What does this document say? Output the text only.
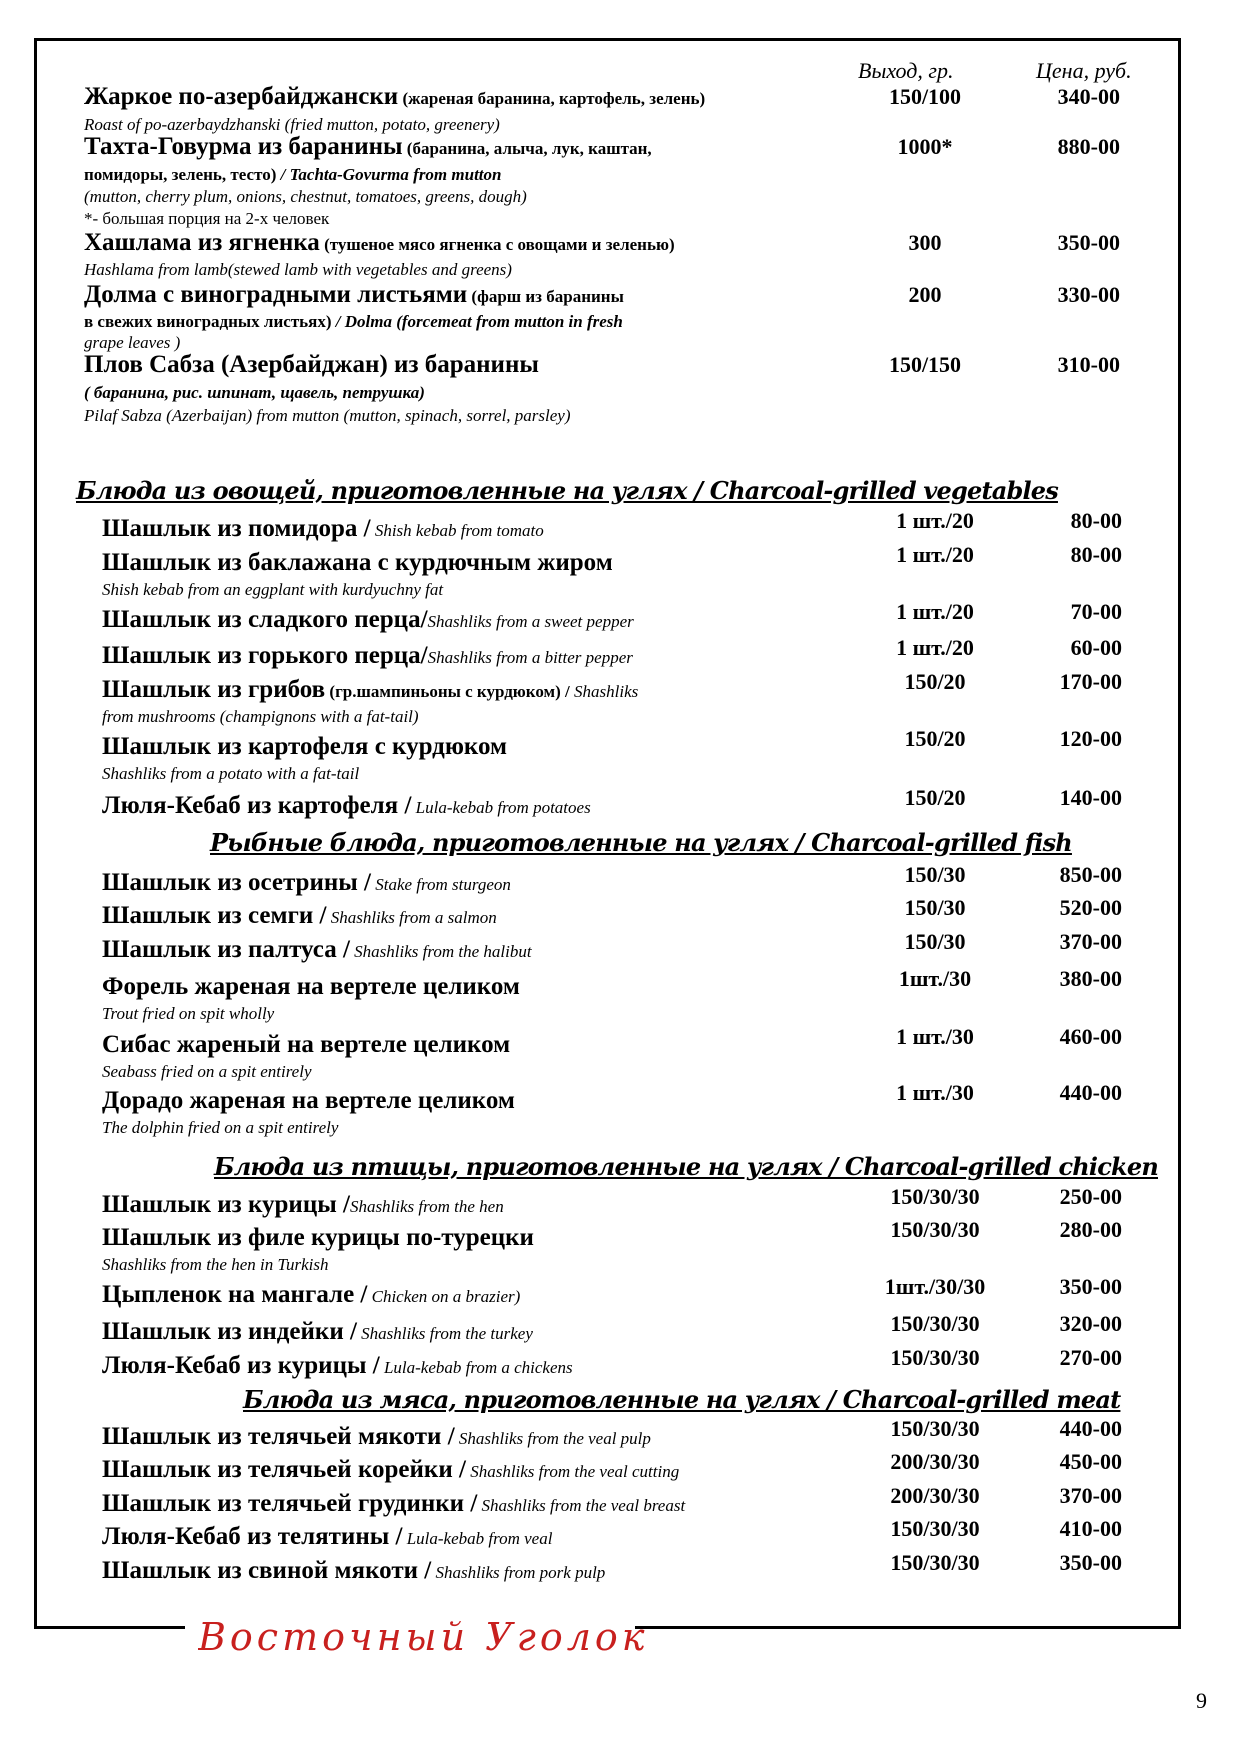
Выход, гр.	Цена, руб.
Жаркое по-азербайджански (жареная баранина, картофель, зелень)
Roast of po-azerbaydzhanski (fried mutton, potato, greenery)
150/100	340-00
Тахта-Говурма из баранины (баранина, алыча, лук, каштан,
помидоры, зелень, тесто) / Tachta-Govurma from mutton
(mutton, cherry plum, onions, chestnut, tomatoes, greens, dough)
*- большая порция на 2-х человек
1000*	880-00
Хашлама из ягненка (тушеное мясо ягненка с овощами и зеленью)
Hashlama from lamb(stewed lamb with vegetables and greens)
300	350-00
Долма с виноградными листьями (фарш из баранины
в свежих виноградных листьях) / Dolma (forcemeat from mutton in fresh
grape leaves )
200	330-00
Плов Сабза (Азербайджан) из баранины
( баранина, рис. шпинат, щавель, петрушка)
Pilaf Sabza (Azerbaijan) from mutton (mutton, spinach, sorrel, parsley)
150/150	310-00
Блюда из овощей, приготовленные на углях / Charcoal-grilled vegetables
Шашлык из помидора / Shish kebab from tomato	1 шт./20	80-00
Шашлык из баклажана с курдючным жиром
Shish kebab from an eggplant with kurdyuchny fat
1 шт./20	80-00
Шашлык из сладкого перца/Shashliks from a sweet pepper	1 шт./20	70-00
Шашлык из горького перца/Shashliks from a bitter pepper	1 шт./20	60-00
Шашлык из грибов (гр.шампиньоны с курдюком) / Shashliks
from mushrooms (champignons with a fat-tail)
150/20	170-00
Шашлык из картофеля с курдюком
Shashliks from a potato with a fat-tail
150/20	120-00
Люля-Кебаб из картофеля / Lula-kebab from potatoes	150/20	140-00
Рыбные блюда, приготовленные на углях / Charcoal-grilled fish
Шашлык из осетрины / Stake from sturgeon	150/30	850-00
Шашлык из семги / Shashliks from a salmon	150/30	520-00
Шашлык из палтуса / Shashliks from the halibut	150/30	370-00
Форель жареная на вертеле целиком
Trout fried on spit wholly
1шт./30	380-00
Сибас жареный на вертеле целиком
Seabass fried on a spit entirely
1 шт./30	460-00
Дорадо жареная на вертеле целиком
The dolphin fried on a spit entirely
1 шт./30	440-00
Блюда из птицы, приготовленные на углях / Charcoal-grilled chicken
Шашлык из курицы /Shashliks from the hen	150/30/30	250-00
Шашлык из филе курицы по-турецки
Shashliks from the hen in Turkish
150/30/30	280-00
Цыпленок на мангале / Chicken on a brazier)	1шт./30/30	350-00
Шашлык из индейки / Shashliks from the turkey	150/30/30	320-00
Люля-Кебаб из курицы / Lula-kebab from a chickens	150/30/30	270-00
Блюда из мяса, приготовленные на углях / Charcoal-grilled meat
Шашлык из телячьей мякоти / Shashliks from the veal pulp	150/30/30	440-00
Шашлык из телячьей корейки / Shashliks from the veal cutting	200/30/30	450-00
Шашлык из телячьей грудинки / Shashliks from the veal breast	200/30/30	370-00
Люля-Кебаб из телятины / Lula-kebab from veal	150/30/30	410-00
Шашлык из свиной мякоти / Shashliks from pork pulp	150/30/30	350-00
Восточный Уголок
9
